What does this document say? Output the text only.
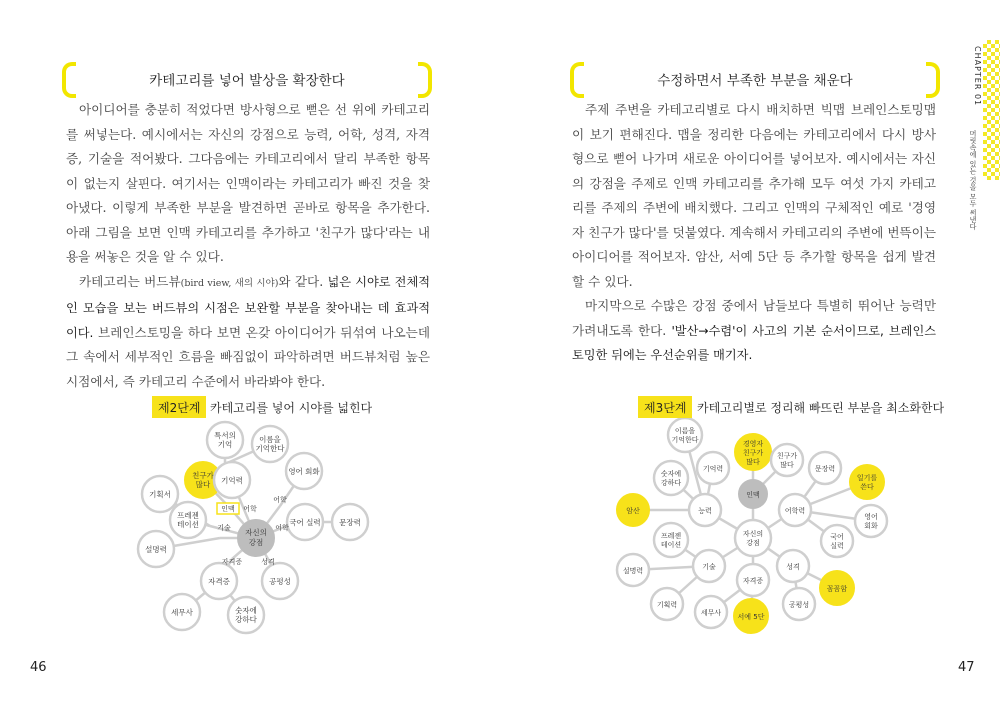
카테고리를 넣어 발상을 확장한다

아이디어를 충분히 적었다면 방사형으로 뻗은 선 위에 카테고리를 써넣는다. 예시에서는 자신의 강점으로 능력, 어학, 성격, 자격증, 기술을 적어봤다. 그다음에는 카테고리에서 달리 부족한 항목이 없는지 살핀다. 여기서는 인맥이라는 카테고리가 빠진 것을 찾아냈다. 이렇게 부족한 부분을 발견하면 곧바로 항목을 추가한다. 아래 그림을 보면 인맥 카테고리를 추가하고 '친구가 많다'라는 내용을 써놓은 것을 알 수 있다.

카테고리는 버드뷰(bird view, 새의 시야)와 같다. 넓은 시야로 전체적인 모습을 보는 버드뷰의 시점은 보완할 부분을 찾아내는 데 효과적이다. 브레인스토밍을 하다 보면 온갖 아이디어가 뒤섞여 나오는데 그 속에서 세부적인 흐름을 빠짐없이 파악하려면 버드뷰처럼 높은 시점에서, 즉 카테고리 수준에서 바라봐야 한다.

제2단계 카테고리를 넣어 시야를 넓힌다
자신의
강점
특서의
기억
이름을
기억한다
친구가
많다 기억력
영어 회화
기획서
프레젠
테이션	국어 실력 문장력
설명력
자격증
세무사	숫자에
강하다
공평성
인맥 어학
어학
기술	어학
자격증	성격
46
수정하면서 부족한 부분을 채운다

주제 주변을 카테고리별로 다시 배치하면 빅맵 브레인스토밍맵이 보기 편해진다. 맵을 정리한 다음에는 카테고리에서 다시 방사형으로 뻗어 나가며 새로운 아이디어를 넣어보자. 예시에서는 자신의 강점을 주제로 인맥 카테고리를 추가해 모두 여섯 가지 카테고리를 주제의 주변에 배치했다. 그리고 인맥의 구체적인 예로 '경영자 친구가 많다'를 덧붙였다. 계속해서 카테고리의 주변에 번뜩이는 아이디어를 적어보자. 암산, 서예 5단 등 추가할 항목을 쉽게 발견할 수 있다.

마지막으로 수많은 강점 중에서 남들보다 특별히 뛰어난 능력만 가려내도록 한다. '발산→수렴'이 사고의 기본 순서이므로, 브레인스토밍한 뒤에는 우선순위를 매기자.

제3단계 카테고리별로 정리해 빠뜨린 부분을 최소화한다
자신의
강점
인맥
이름을
기억한다	경영자
친구가
많다
친구가
많다
숫자에
강하다
기억력	문장력
일기를
쓴다
암산	능력	어학력
영어
회화
프레젠
테이션
국어
실력
설명력	기술	성격
자격증
꼼꼼함
기획력
세무사 서예 5단
공평성
47
CHAPTER 01
머릿속에 있는 것을 모두 써낸다
